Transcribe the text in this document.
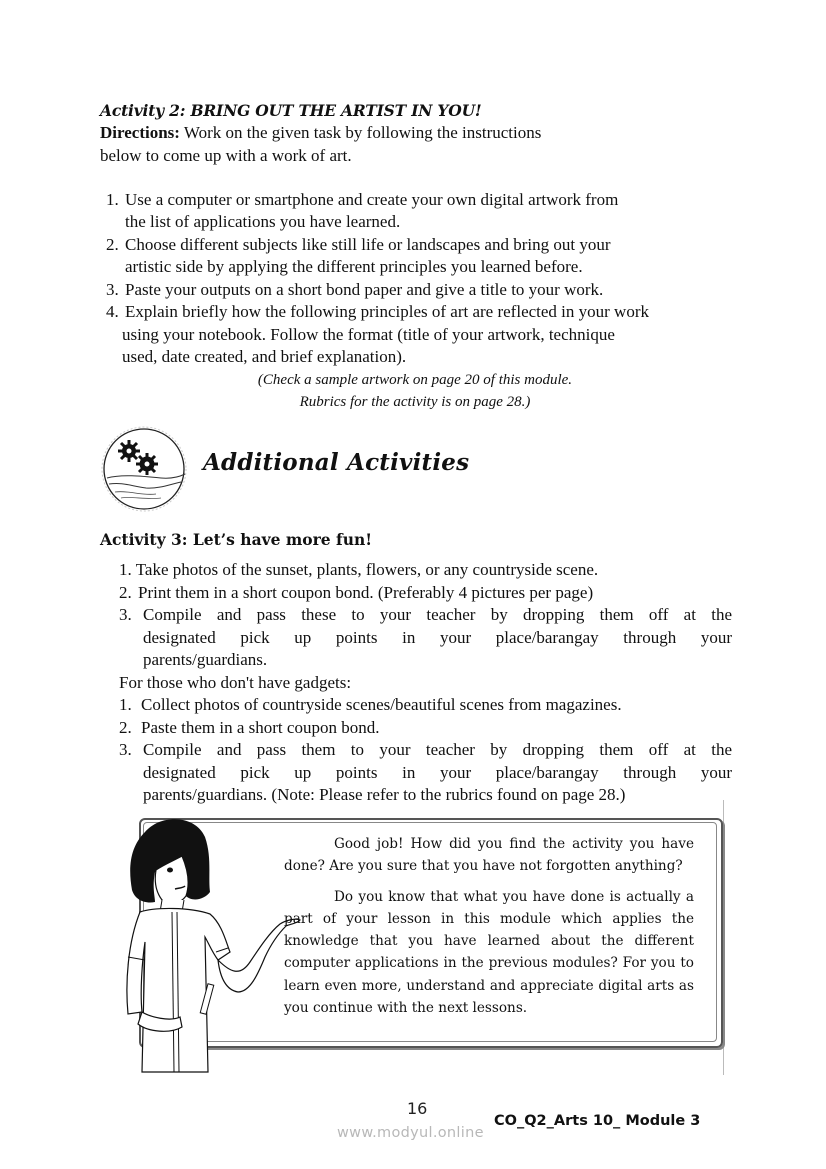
Activity 2: BRING OUT THE ARTIST IN YOU!
Directions: Work on the given task by following the instructions
below to come up with a work of art.
1. Use a computer or smartphone and create your own digital artwork from
the list of applications you have learned.
2. Choose different subjects like still life or landscapes and bring out your
artistic side by applying the different principles you learned before.
3. Paste your outputs on a short bond paper and give a title to your work.
4. Explain briefly how the following principles of art are reflected in your work
using your notebook. Follow the format (title of your artwork, technique
used, date created, and brief explanation).
(Check a sample artwork on page 20 of this module.
Rubrics for the activity is on page 28.)
Additional Activities
Activity 3: Let’s have more fun!
1. Take photos of the sunset, plants, flowers, or any countryside scene.
2. Print them in a short coupon bond. (Preferably 4 pictures per page)
3. Compile and pass these to your teacher by dropping them off at the
designated pick up points in your place/barangay through your
parents/guardians.
For those who don't have gadgets:
1. Collect photos of countryside scenes/beautiful scenes from magazines.
2. Paste them in a short coupon bond.
3. Compile and pass them to your teacher by dropping them off at the
designated pick up points in your place/barangay through your
parents/guardians. (Note: Please refer to the rubrics found on page 28.)

Good job! How did you find the activity you have done? Are you sure that you have not forgotten anything?

Do you know that what you have done is actually a part of your lesson in this module which applies the knowledge that you have learned about the different computer applications in the previous modules? For you to learn even more, understand and appreciate digital arts as you continue with the next lessons.

16
CO_Q2_Arts 10_ Module 3
www.modyul.online
